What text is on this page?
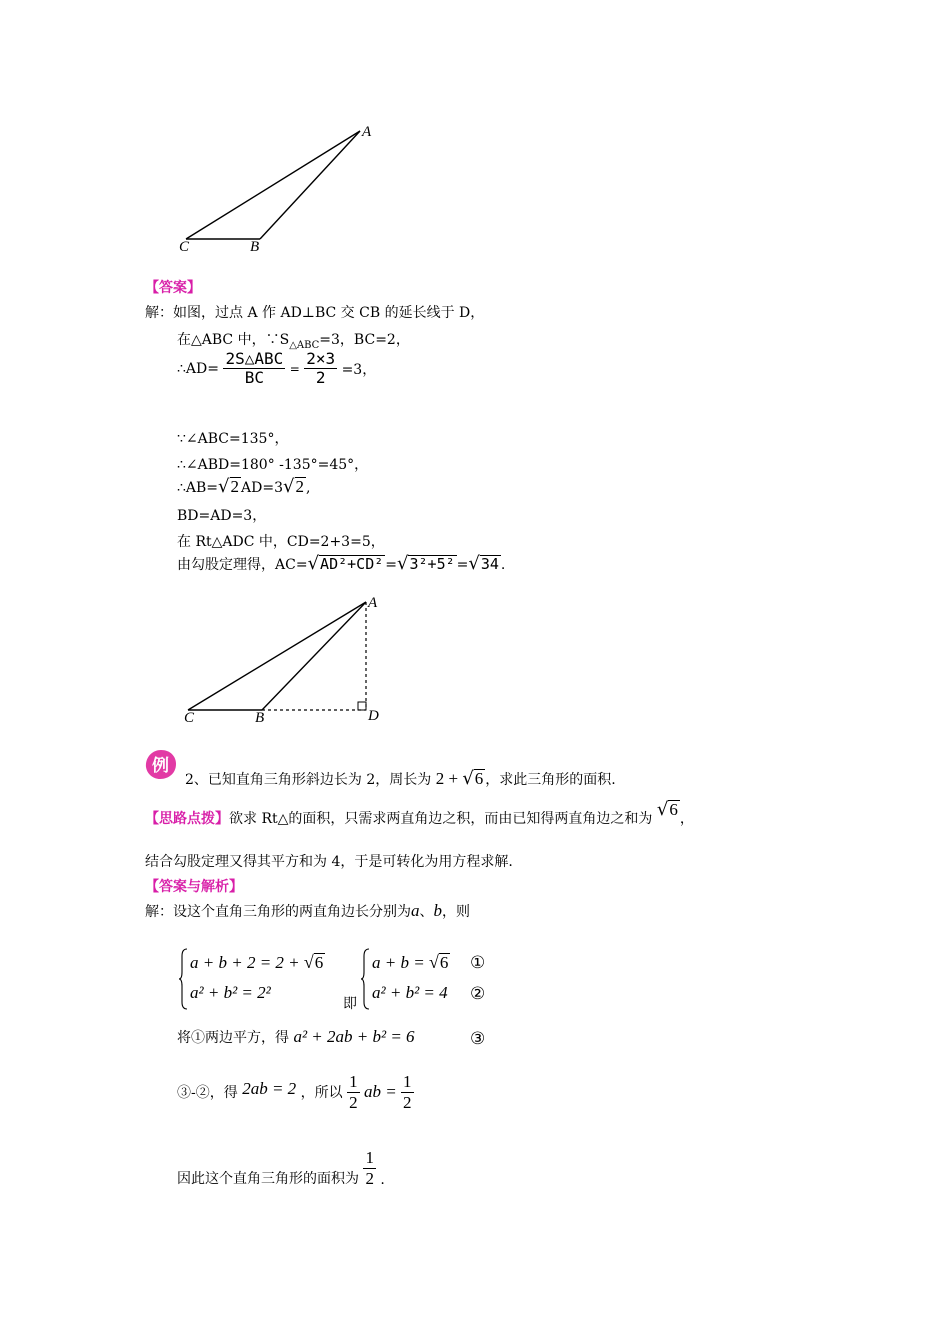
A
B
C
【答案】
解：如图，过点 A 作 AD⊥BC 交 CB 的延长线于 D，
在△ABC 中，$\because S_{\triangle ABC}=3$，BC=2，
∴AD= $\frac{\text{2S△ABC}}{BC} = \frac{2\times 3}{2} =3$，
∵∠ABC=135°，
∴∠ABD=180° -135°=45°，
∴AB=√2 AD=3√2 ,
BD=AD=3，
在 Rt△ADC 中，CD=2+3=5，
由勾股定理得，AC=√AD²+CD² =√3²+5² =√34 .
A
B
C	D
例
2、已知直角三角形斜边长为 2，周长为 2 + √6 ，求此三角形的面积.
【思路点拨】欲求 Rt△的面积，只需求两直角边之积，而由已知得两直角边之和为 √6 ，
结合勾股定理又得其平方和为 4，于是可转化为用方程求解.
【答案与解析】
解：设这个直角三角形的两直角边长分别为a、b，则
a + b + 2 = 2 + √6
a² + b² = 2²
即
a + b = √6 ①
a² + b² = 4 ②
将①两边平方，得 a² + 2ab + b² = 6	③
③-②，得 2ab = 2 ，所以 $\frac{1}{2}$ ab = $\frac{1}{2}$
因此这个直角三角形的面积为 $\frac{1}{2}$ .
